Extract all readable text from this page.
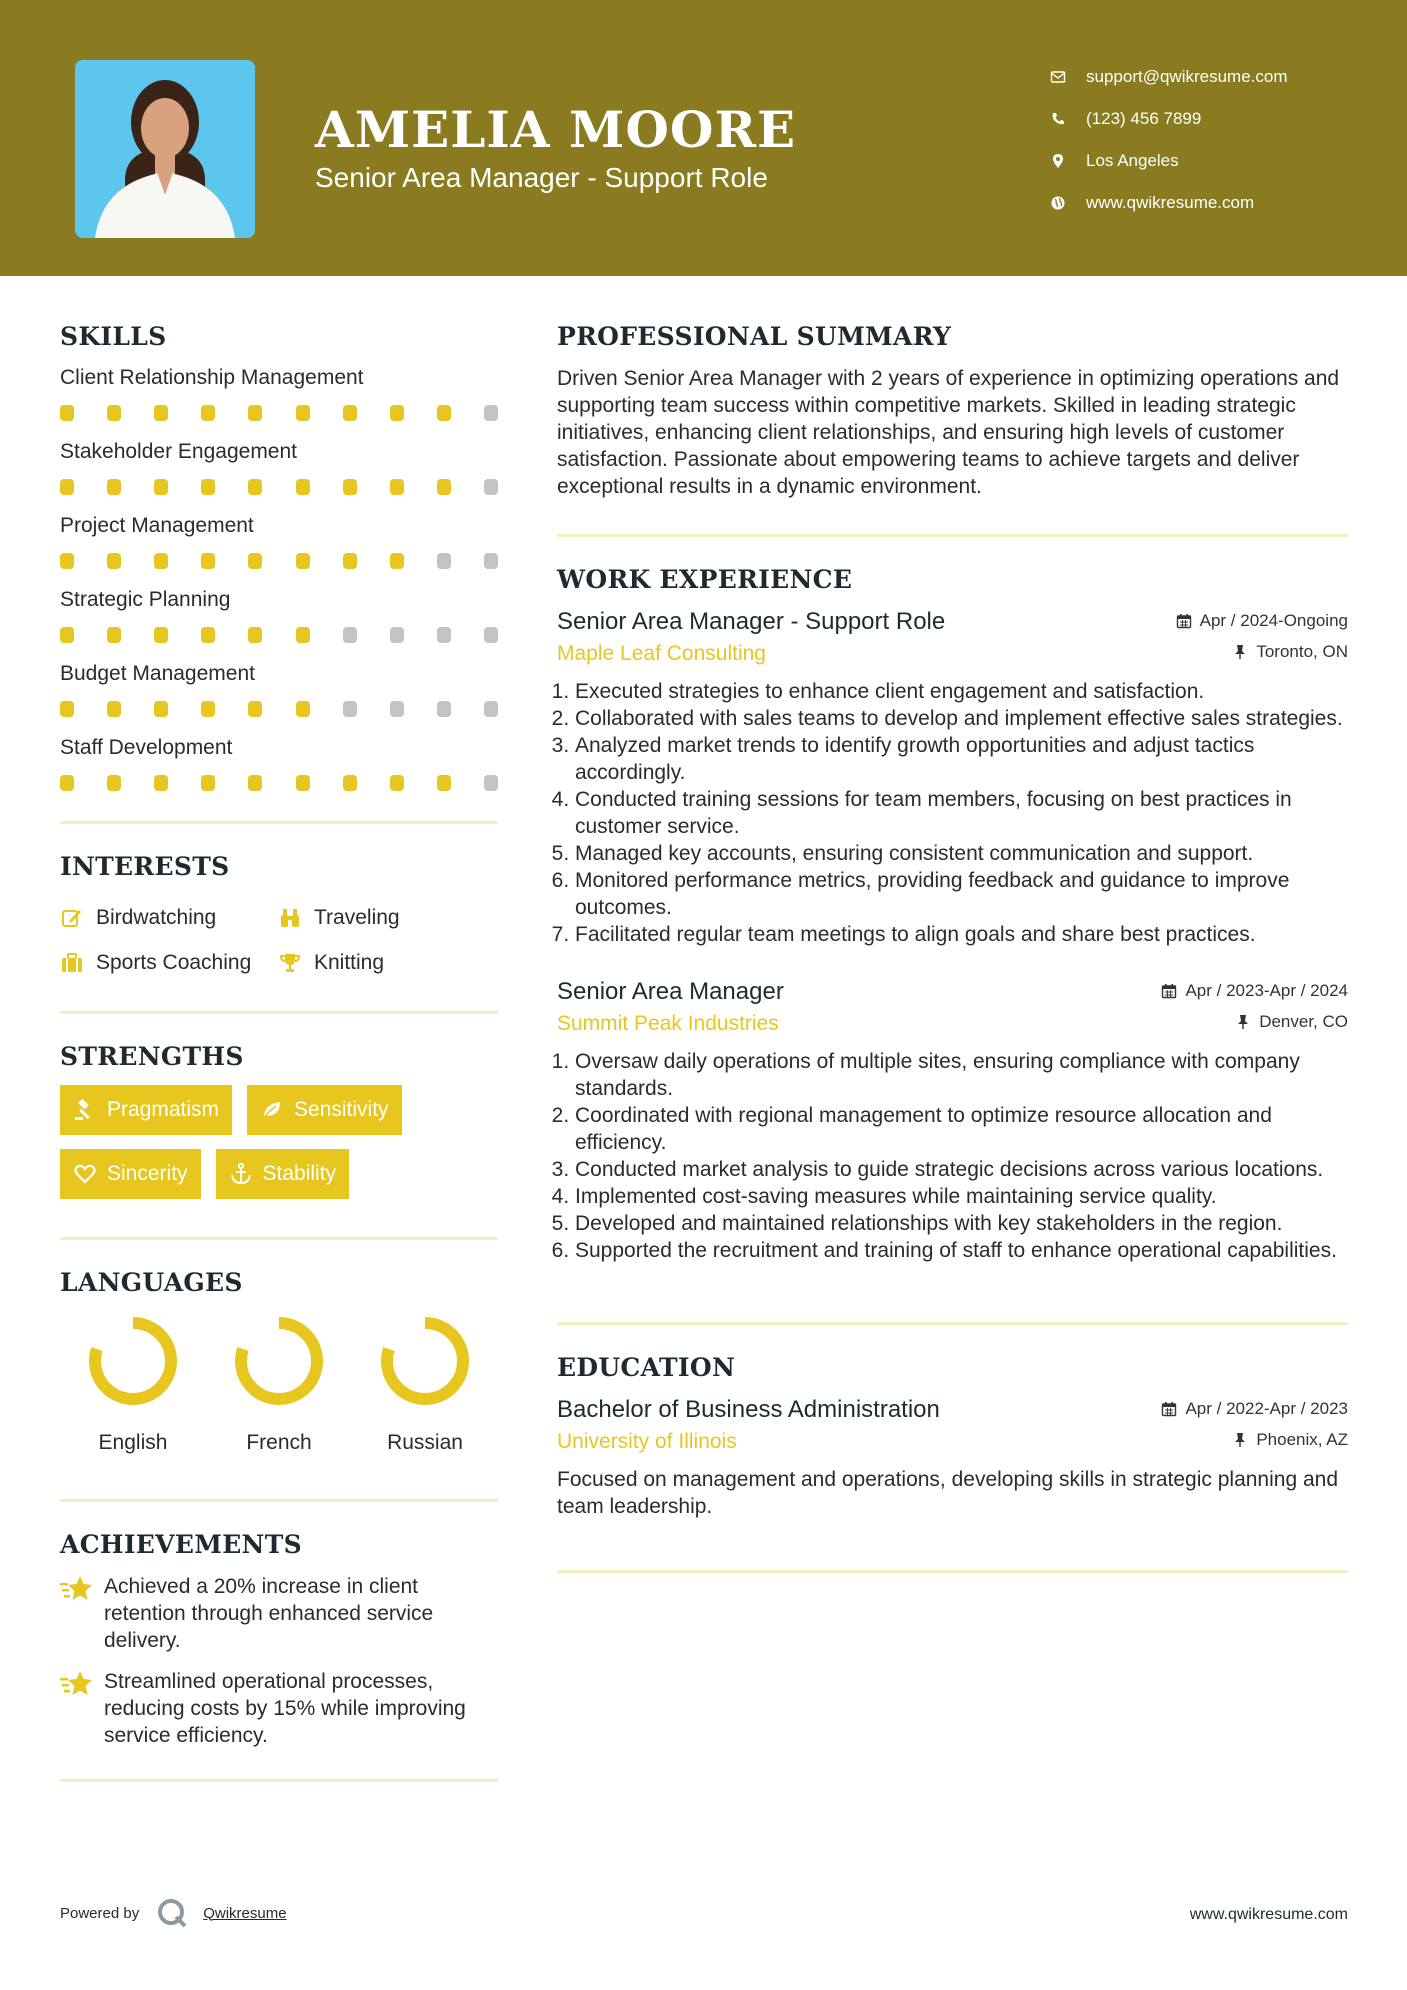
AMELIA MOORE
Senior Area Manager - Support Role
support@qwikresume.com
(123) 456 7899
Los Angeles
www.qwikresume.com
SKILLS
Client Relationship Management
Stakeholder Engagement
Project Management
Strategic Planning
Budget Management
Staff Development
INTERESTS
Birdwatching	Traveling
Sports Coaching	Knitting
STRENGTHS
Pragmatism	Sensitivity
Sincerity	Stability
LANGUAGES
English	French	Russian
ACHIEVEMENTS
Achieved a 20% increase in client retention through enhanced service delivery.
Streamlined operational processes, reducing costs by 15% while improving service efficiency.
PROFESSIONAL SUMMARY

Driven Senior Area Manager with 2 years of experience in optimizing operations and supporting team success within competitive markets. Skilled in leading strategic initiatives, enhancing client relationships, and ensuring high levels of customer satisfaction. Passionate about empowering teams to achieve targets and deliver exceptional results in a dynamic environment.

WORK EXPERIENCE
Senior Area Manager - Support Role	Apr / 2024-Ongoing
Maple Leaf Consulting	Toronto, ON
1. Executed strategies to enhance client engagement and satisfaction.
2. Collaborated with sales teams to develop and implement effective sales strategies.
3. Analyzed market trends to identify growth opportunities and adjust tactics accordingly.
4. Conducted training sessions for team members, focusing on best practices in customer service.
5. Managed key accounts, ensuring consistent communication and support.
6. Monitored performance metrics, providing feedback and guidance to improve outcomes.
7. Facilitated regular team meetings to align goals and share best practices.
Senior Area Manager	Apr / 2023-Apr / 2024
Summit Peak Industries	Denver, CO
1. Oversaw daily operations of multiple sites, ensuring compliance with company standards.
2. Coordinated with regional management to optimize resource allocation and efficiency.
3. Conducted market analysis to guide strategic decisions across various locations.
4. Implemented cost-saving measures while maintaining service quality.
5. Developed and maintained relationships with key stakeholders in the region.
6. Supported the recruitment and training of staff to enhance operational capabilities.
EDUCATION
Bachelor of Business Administration	Apr / 2022-Apr / 2023
University of Illinois	Phoenix, AZ

Focused on management and operations, developing skills in strategic planning and team leadership.

Powered by	Qwikresume	www.qwikresume.com
